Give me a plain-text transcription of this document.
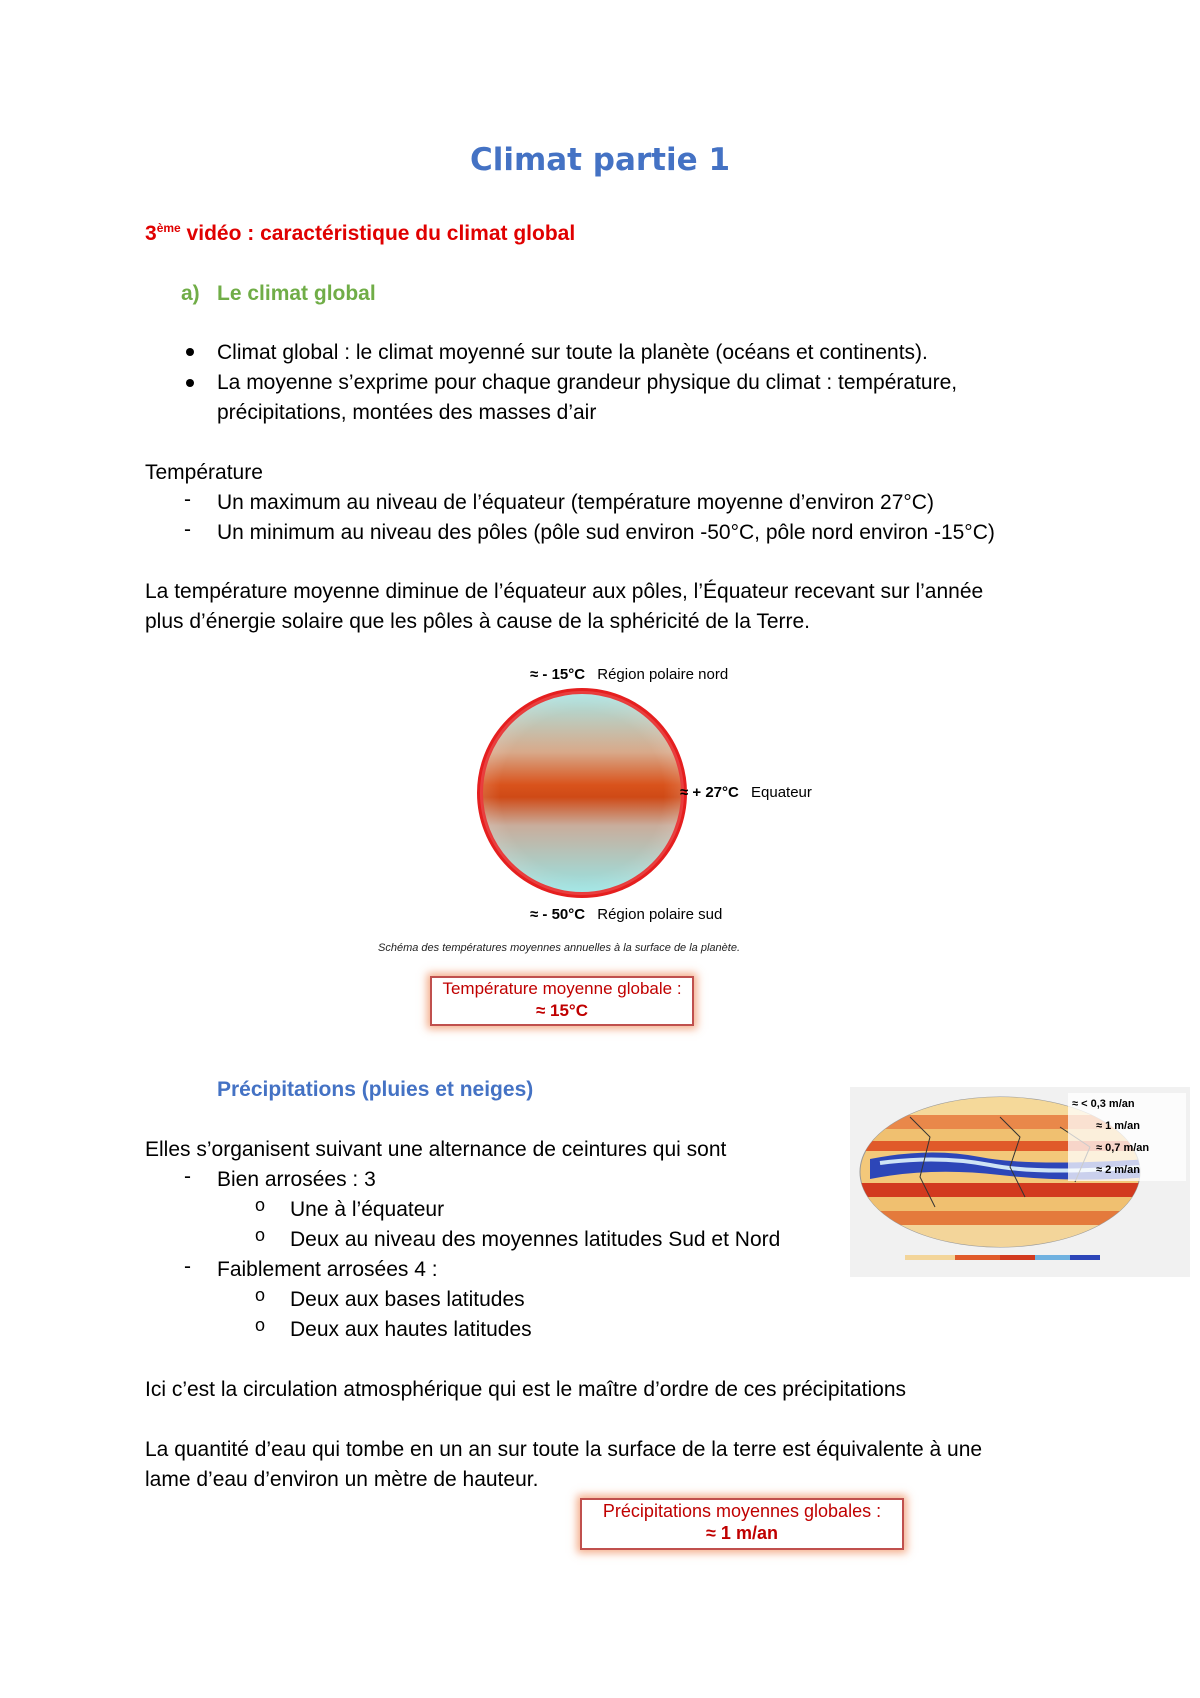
Climat partie 1
3ème vidéo : caractéristique du climat global
a) Le climat global
Climat global : le climat moyenné sur toute la planète (océans et continents).
La moyenne s’exprime pour chaque grandeur physique du climat : température,
précipitations, montées des masses d’air
Température
- Un maximum au niveau de l’équateur (température moyenne d’environ 27°C)
- Un minimum au niveau des pôles (pôle sud environ -50°C, pôle nord environ -15°C)
La température moyenne diminue de l’équateur aux pôles, l’Équateur recevant sur l’année
plus d’énergie solaire que les pôles à cause de la sphéricité de la Terre.
≈ - 15°C Région polaire nord
≈ + 27°C Equateur
≈ - 50°C Région polaire sud
Schéma des températures moyennes annuelles à la surface de la planète.
Température moyenne globale :
≈ 15°C
Précipitations (pluies et neiges)
Elles s’organisent suivant une alternance de ceintures qui sont
- Bien arrosées : 3
o Une à l’équateur
o Deux au niveau des moyennes latitudes Sud et Nord
- Faiblement arrosées 4 :
o Deux aux bases latitudes
o Deux aux hautes latitudes
Ici c’est la circulation atmosphérique qui est le maître d’ordre de ces précipitations
La quantité d’eau qui tombe en un an sur toute la surface de la terre est équivalente à une
lame d’eau d’environ un mètre de hauteur.
Précipitations moyennes globales :
≈ 1 m/an
≈ < 0,3 m/an
≈ 1 m/an
≈ 0,7 m/an
≈ 2 m/an
